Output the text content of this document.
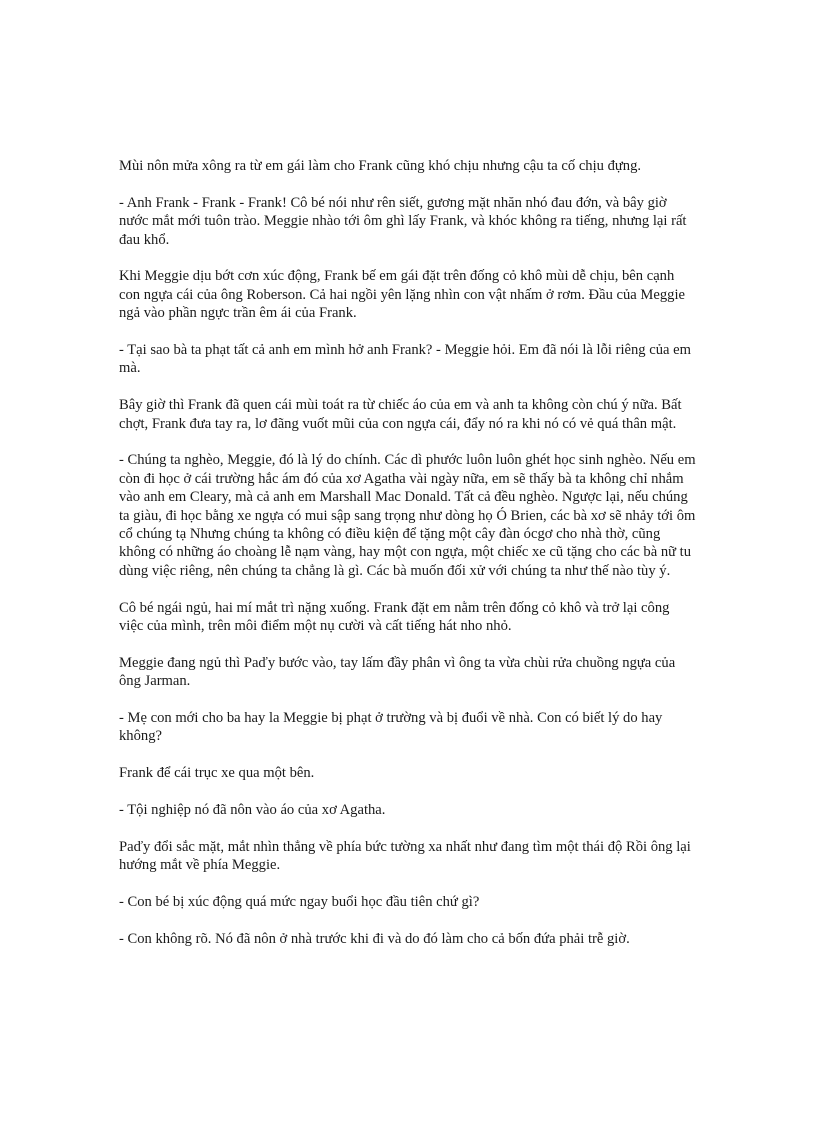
Mùi nôn mửa xông ra từ em gái làm cho Frank cũng khó chịu nhưng cậu ta cố chịu đựng.

- Anh Frank - Frank - Frank! Cô bé nói như rên siết, gương mặt nhăn nhó đau đớn, và bây giờ nước mắt mới tuôn trào. Meggie nhào tới ôm ghì lấy Frank, và khóc không ra tiếng, nhưng lại rất đau khổ.

Khi Meggie dịu bớt cơn xúc động, Frank bế em gái đặt trên đống cỏ khô mùi dễ chịu, bên cạnh con ngựa cái của ông Roberson. Cả hai ngồi yên lặng nhìn con vật nhấm ở rơm. Đầu của Meggie ngả vào phần ngực trần êm ái của Frank.

- Tại sao bà ta phạt tất cả anh em mình hở anh Frank? - Meggie hỏi. Em đã nói là lỗi riêng của em mà.

Bây giờ thì Frank đã quen cái mùi toát ra từ chiếc áo của em và anh ta không còn chú ý nữa. Bất chợt, Frank đưa tay ra, lơ đãng vuốt mũi của con ngựa cái, đẩy nó ra khi nó có vẻ quá thân mật.

- Chúng ta nghèo, Meggie, đó là lý do chính. Các dì phước luôn luôn ghét học sinh nghèo. Nếu em còn đi học ở cái trường hắc ám đó của xơ Agatha vài ngày nữa, em sẽ thấy bà ta không chỉ nhắm vào anh em Cleary, mà cả anh em Marshall Mac Donald. Tất cả đều nghèo. Ngược lại, nếu chúng ta giàu, đi học bằng xe ngựa có mui sập sang trọng như dòng họ Ó Brien, các bà xơ sẽ nhảy tới ôm cổ chúng tạ Nhưng chúng ta không có điều kiện để tặng một cây đàn ócgơ cho nhà thờ, cũng không có những áo choàng lễ nạm vàng, hay một con ngựa, một chiếc xe cũ tặng cho các bà nữ tu dùng việc riêng, nên chúng ta chẳng là gì. Các bà muốn đối xử với chúng ta như thế nào tùy ý.

Cô bé ngái ngủ, hai mí mắt trì nặng xuống. Frank đặt em nằm trên đống cỏ khô và trở lại công việc của mình, trên môi điểm một nụ cười và cất tiếng hát nho nhỏ.

Meggie đang ngủ thì Paďy bước vào, tay lấm đầy phân vì ông ta vừa chùi rửa chuồng ngựa của ông Jarman.

- Mẹ con mới cho ba hay la Meggie bị phạt ở trường và bị đuổi về nhà. Con có biết lý do hay không?

Frank để cái trục xe qua một bên.

- Tội nghiệp nó đã nôn vào áo của xơ Agatha.

Paďy đổi sắc mặt, mắt nhìn thẳng về phía bức tường xa nhất như đang tìm một thái độ Rồi ông lại hướng mắt về phía Meggie.

- Con bé bị xúc động quá mức ngay buổi học đầu tiên chứ gì?

- Con không rõ. Nó đã nôn ở nhà trước khi đi và do đó làm cho cả bốn đứa phải trễ giờ.
